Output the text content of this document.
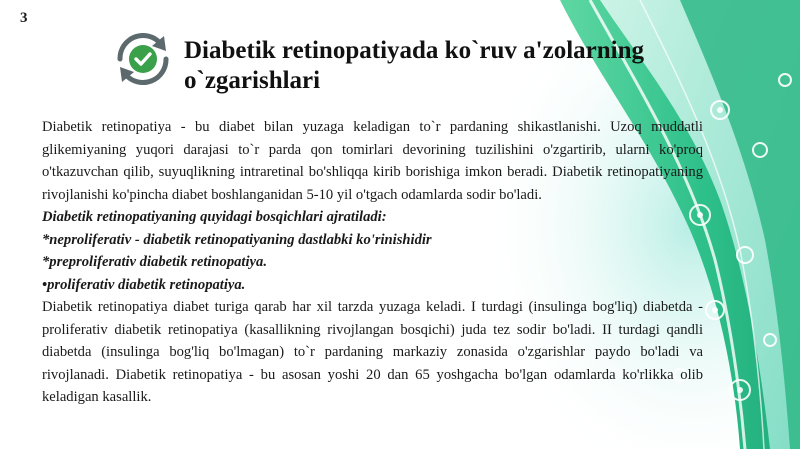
3
Diabetik retinopatiyada ko`ruv a'zolarning o`zgarishlari

Diabetik retinopatiya - bu diabet bilan yuzaga keladigan to`r pardaning shikastlanishi. Uzoq muddatli glikemiyaning yuqori darajasi to`r parda qon tomirlari devorining tuzilishini o'zgartirib, ularni ko'proq o'tkazuvchan qilib, suyuqlikning intraretinal bo'shliqqa kirib borishiga imkon beradi. Diabetik retinopatiyaning rivojlanishi ko'pincha diabet boshlanganidan 5-10 yil o'tgach odamlarda sodir bo'ladi.

Diabetik retinopatiyaning quyidagi bosqichlari ajratiladi:

*neproliferativ - diabetik retinopatiyaning dastlabki ko'rinishidir

*preproliferativ diabetik retinopatiya.

•proliferativ diabetik retinopatiya.

Diabetik retinopatiya diabet turiga qarab har xil tarzda yuzaga keladi. I turdagi (insulinga bog'liq) diabetda - proliferativ diabetik retinopatiya (kasallikning rivojlangan bosqichi) juda tez sodir bo'ladi. II turdagi qandli diabetda (insulinga bog'liq bo'lmagan) to`r pardaning markaziy zonasida o'zgarishlar paydo bo'ladi va rivojlanadi. Diabetik retinopatiya - bu asosan yoshi 20 dan 65 yoshgacha bo'lgan odamlarda ko'rlikka olib keladigan kasallik.
